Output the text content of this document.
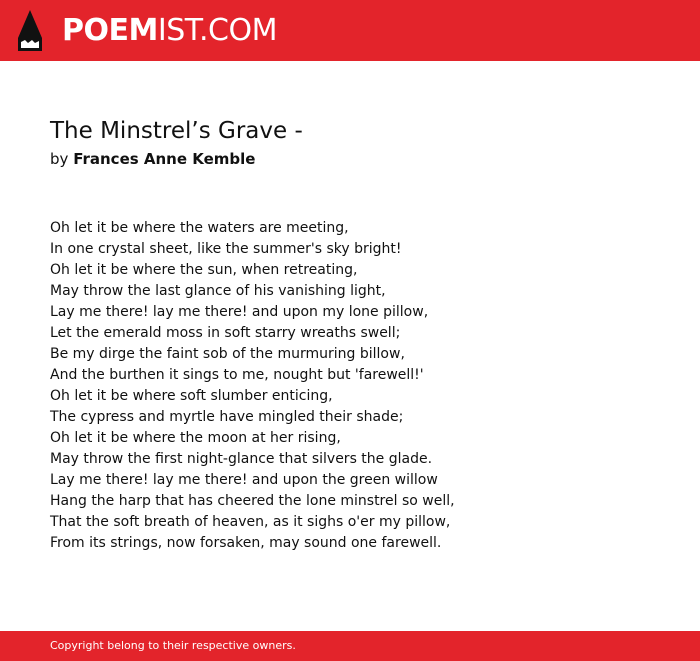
POEMIST.COM
The Minstrel’s Grave -
by Frances Anne Kemble
Oh let it be where the waters are meeting,
In one crystal sheet, like the summer's sky bright!
Oh let it be where the sun, when retreating,
May throw the last glance of his vanishing light,
Lay me there! lay me there! and upon my lone pillow,
Let the emerald moss in soft starry wreaths swell;
Be my dirge the faint sob of the murmuring billow,
And the burthen it sings to me, nought but 'farewell!'
Oh let it be where soft slumber enticing,
The cypress and myrtle have mingled their shade;
Oh let it be where the moon at her rising,
May throw the first night-glance that silvers the glade.
Lay me there! lay me there! and upon the green willow
Hang the harp that has cheered the lone minstrel so well,
That the soft breath of heaven, as it sighs o'er my pillow,
From its strings, now forsaken, may sound one farewell.
Copyright belong to their respective owners.
